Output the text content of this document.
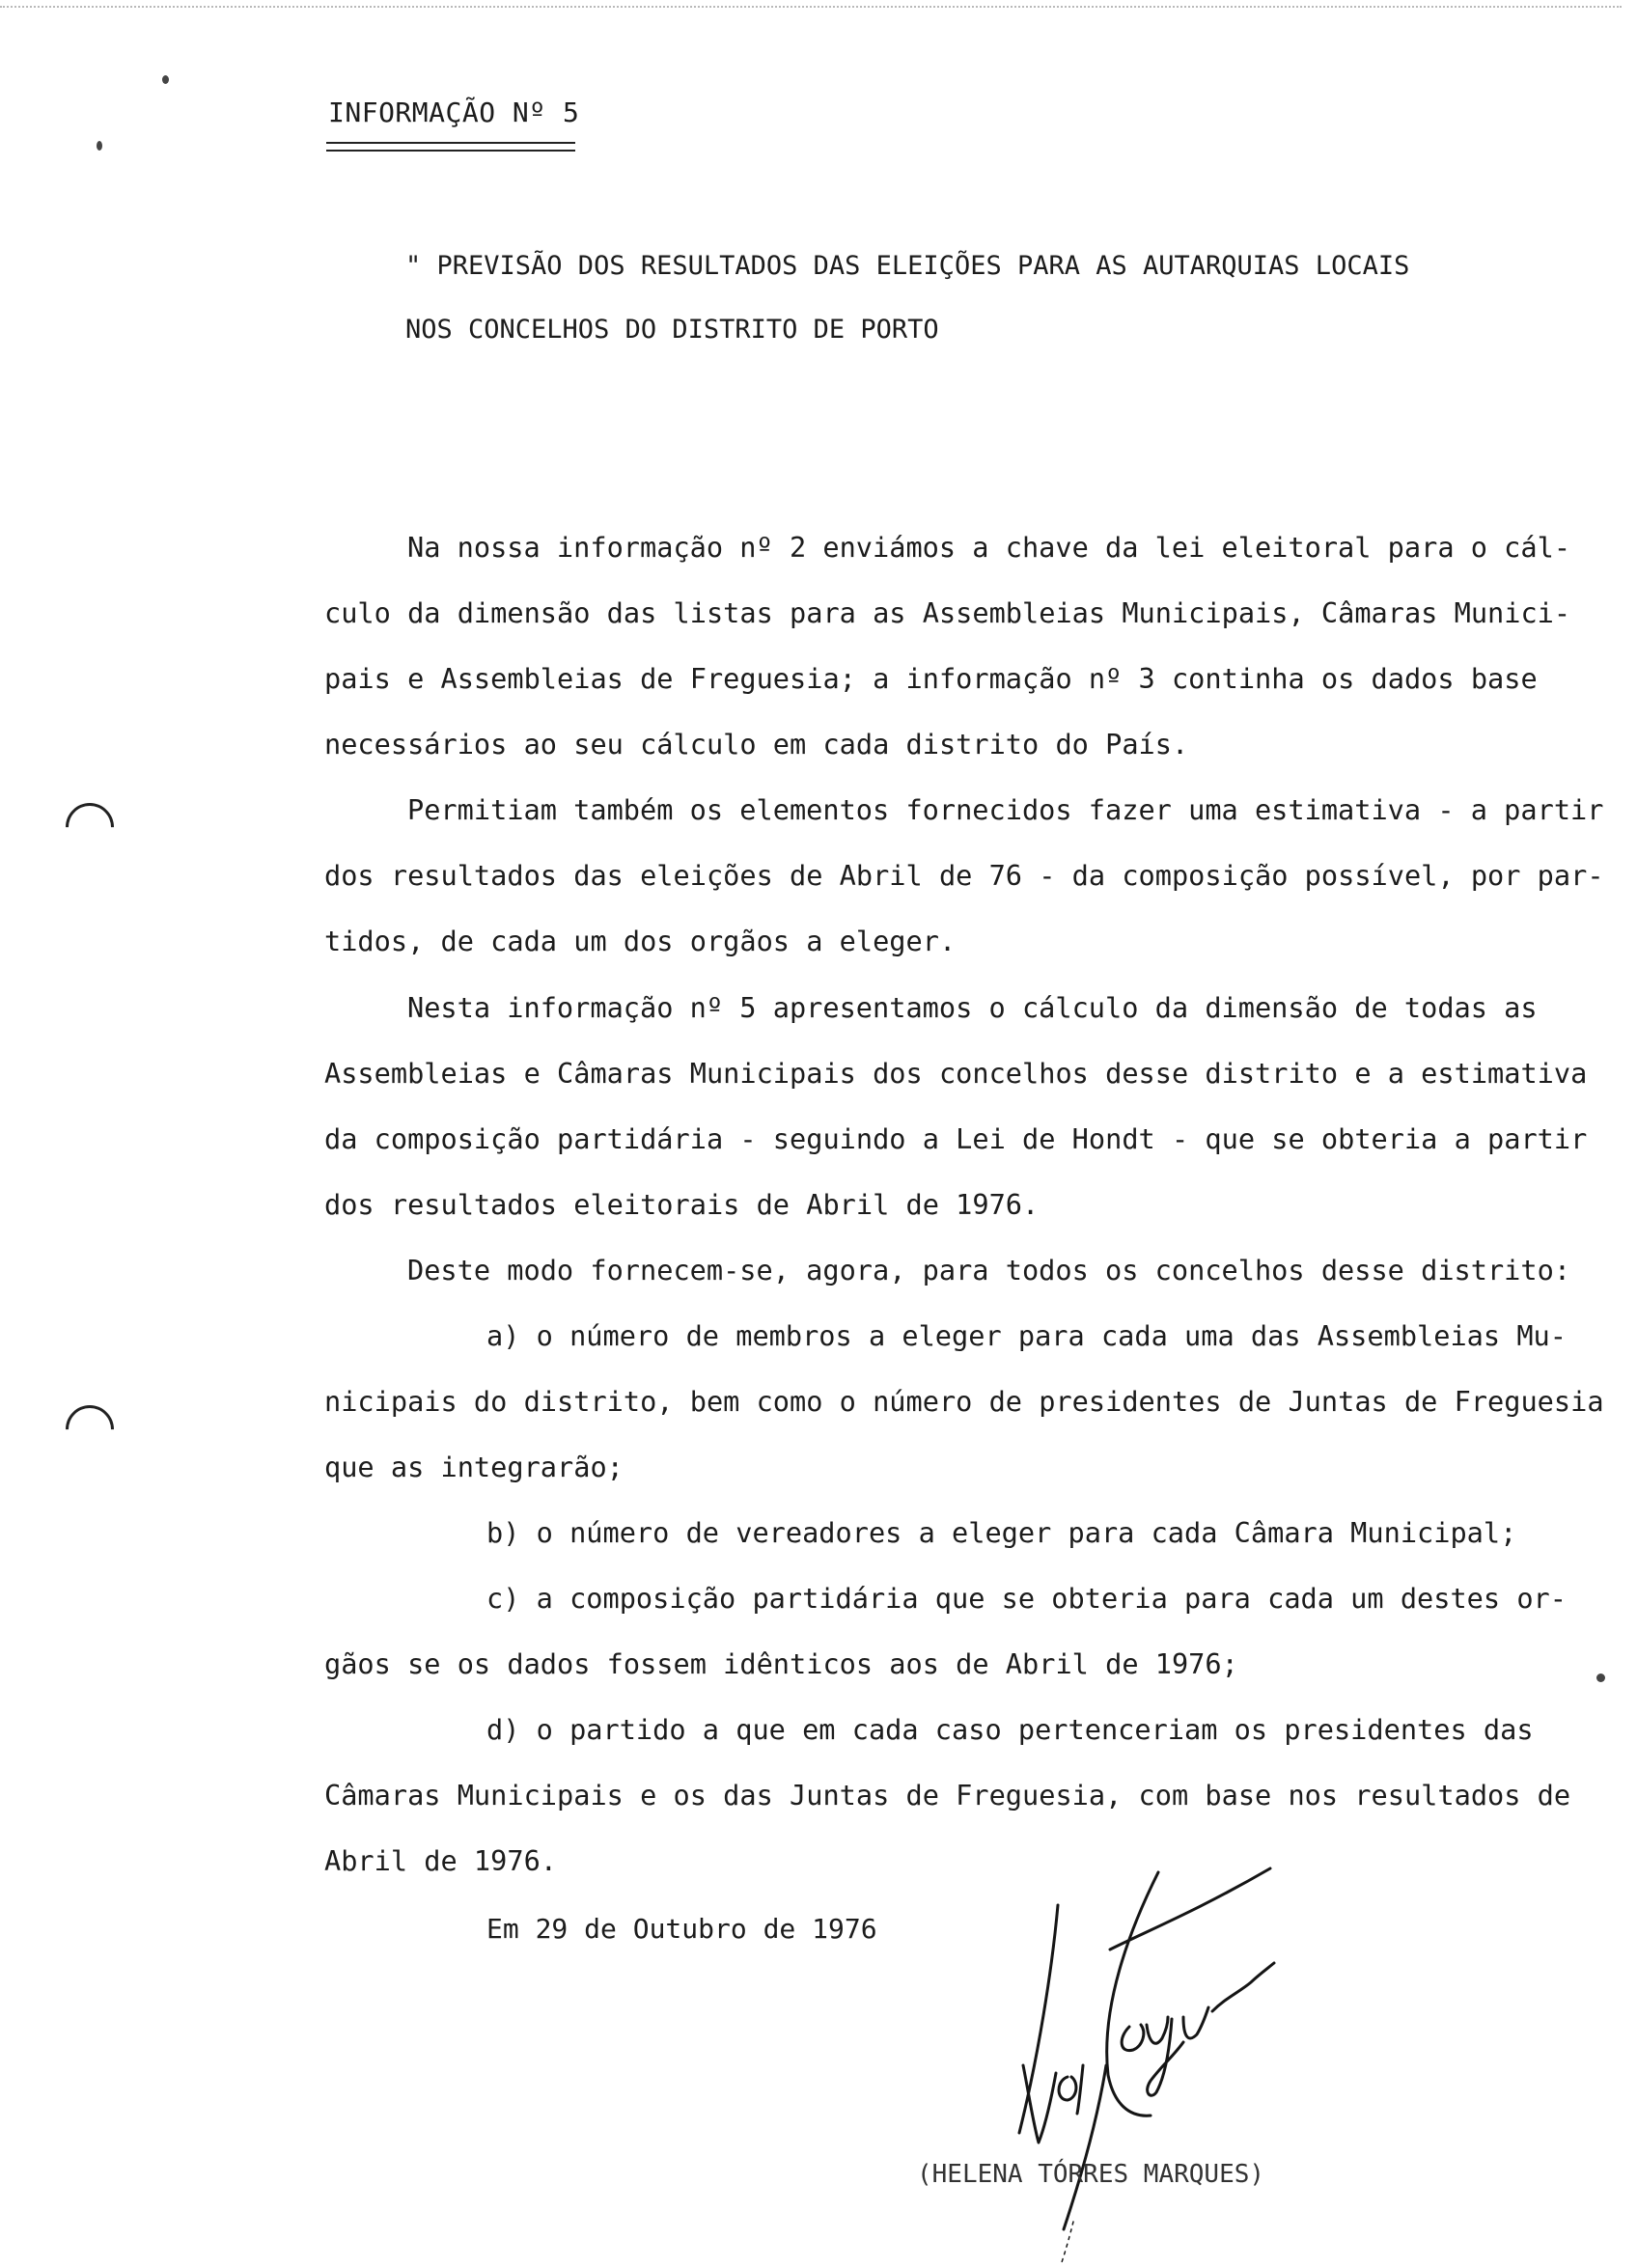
INFORMAÇÃO Nº 5
" PREVISÃO DOS RESULTADOS DAS ELEIÇÕES PARA AS AUTARQUIAS LOCAIS
NOS CONCELHOS DO DISTRITO DE PORTO
Na nossa informação nº 2 enviámos a chave da lei eleitoral para o cál-
culo da dimensão das listas para as Assembleias Municipais, Câmaras Munici-
pais e Assembleias de Freguesia; a informação nº 3 continha os dados base
necessários ao seu cálculo em cada distrito do País.
Permitiam também os elementos fornecidos fazer uma estimativa - a partir
dos resultados das eleições de Abril de 76 - da composição possível, por par-
tidos, de cada um dos orgãos a eleger.
Nesta informação nº 5 apresentamos o cálculo da dimensão de todas as
Assembleias e Câmaras Municipais dos concelhos desse distrito e a estimativa
da composição partidária - seguindo a Lei de Hondt - que se obteria a partir
dos resultados eleitorais de Abril de 1976.
Deste modo fornecem-se, agora, para todos os concelhos desse distrito:
a) o número de membros a eleger para cada uma das Assembleias Mu-
nicipais do distrito, bem como o número de presidentes de Juntas de Freguesia
que as integrarão;
b) o número de vereadores a eleger para cada Câmara Municipal;
c) a composição partidária que se obteria para cada um destes or-
gãos se os dados fossem idênticos aos de Abril de 1976;
d) o partido a que em cada caso pertenceriam os presidentes das
Câmaras Municipais e os das Juntas de Freguesia, com base nos resultados de
Abril de 1976.
Em 29 de Outubro de 1976
(HELENA TÓRRES MARQUES)
